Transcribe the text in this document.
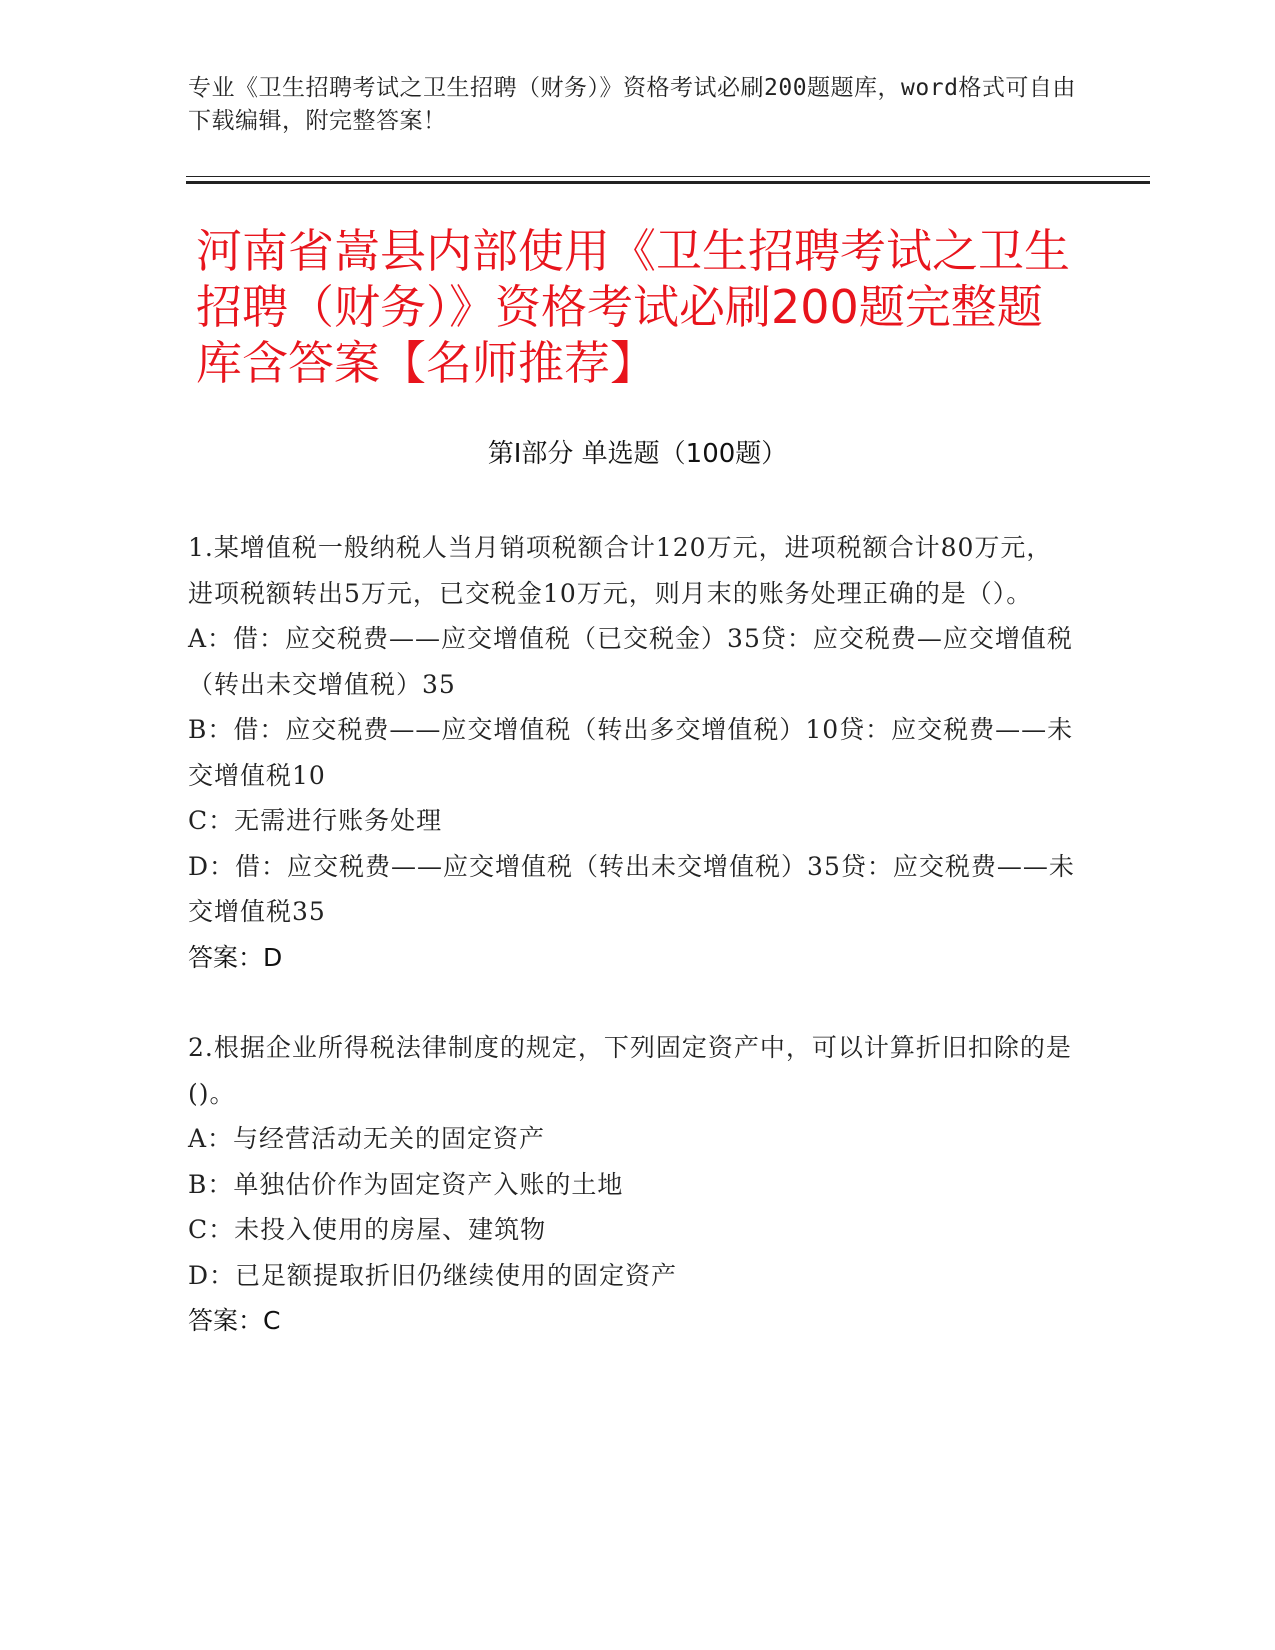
专业《卫生招聘考试之卫生招聘（财务）》资格考试必刷200题题库，word格式可自由下载编辑，附完整答案！
河南省嵩县内部使用《卫生招聘考试之卫生招聘（财务）》资格考试必刷200题完整题库含答案【名师推荐】
第Ⅰ部分 单选题（100题）

1.某增值税一般纳税人当月销项税额合计120万元，进项税额合计80万元，进项税额转出5万元，已交税金10万元，则月末的账务处理正确的是（）。

A：借：应交税费——应交增值税（已交税金）35贷：应交税费—应交增值税（转出未交增值税）35

B：借：应交税费——应交增值税（转出多交增值税）10贷：应交税费——未交增值税10

C：无需进行账务处理

D：借：应交税费——应交增值税（转出未交增值税）35贷：应交税费——未交增值税35

答案：D

2.根据企业所得税法律制度的规定，下列固定资产中，可以计算折旧扣除的是()。

A：与经营活动无关的固定资产

B：单独估价作为固定资产入账的土地

C：未投入使用的房屋、建筑物

D：已足额提取折旧仍继续使用的固定资产

答案：C
